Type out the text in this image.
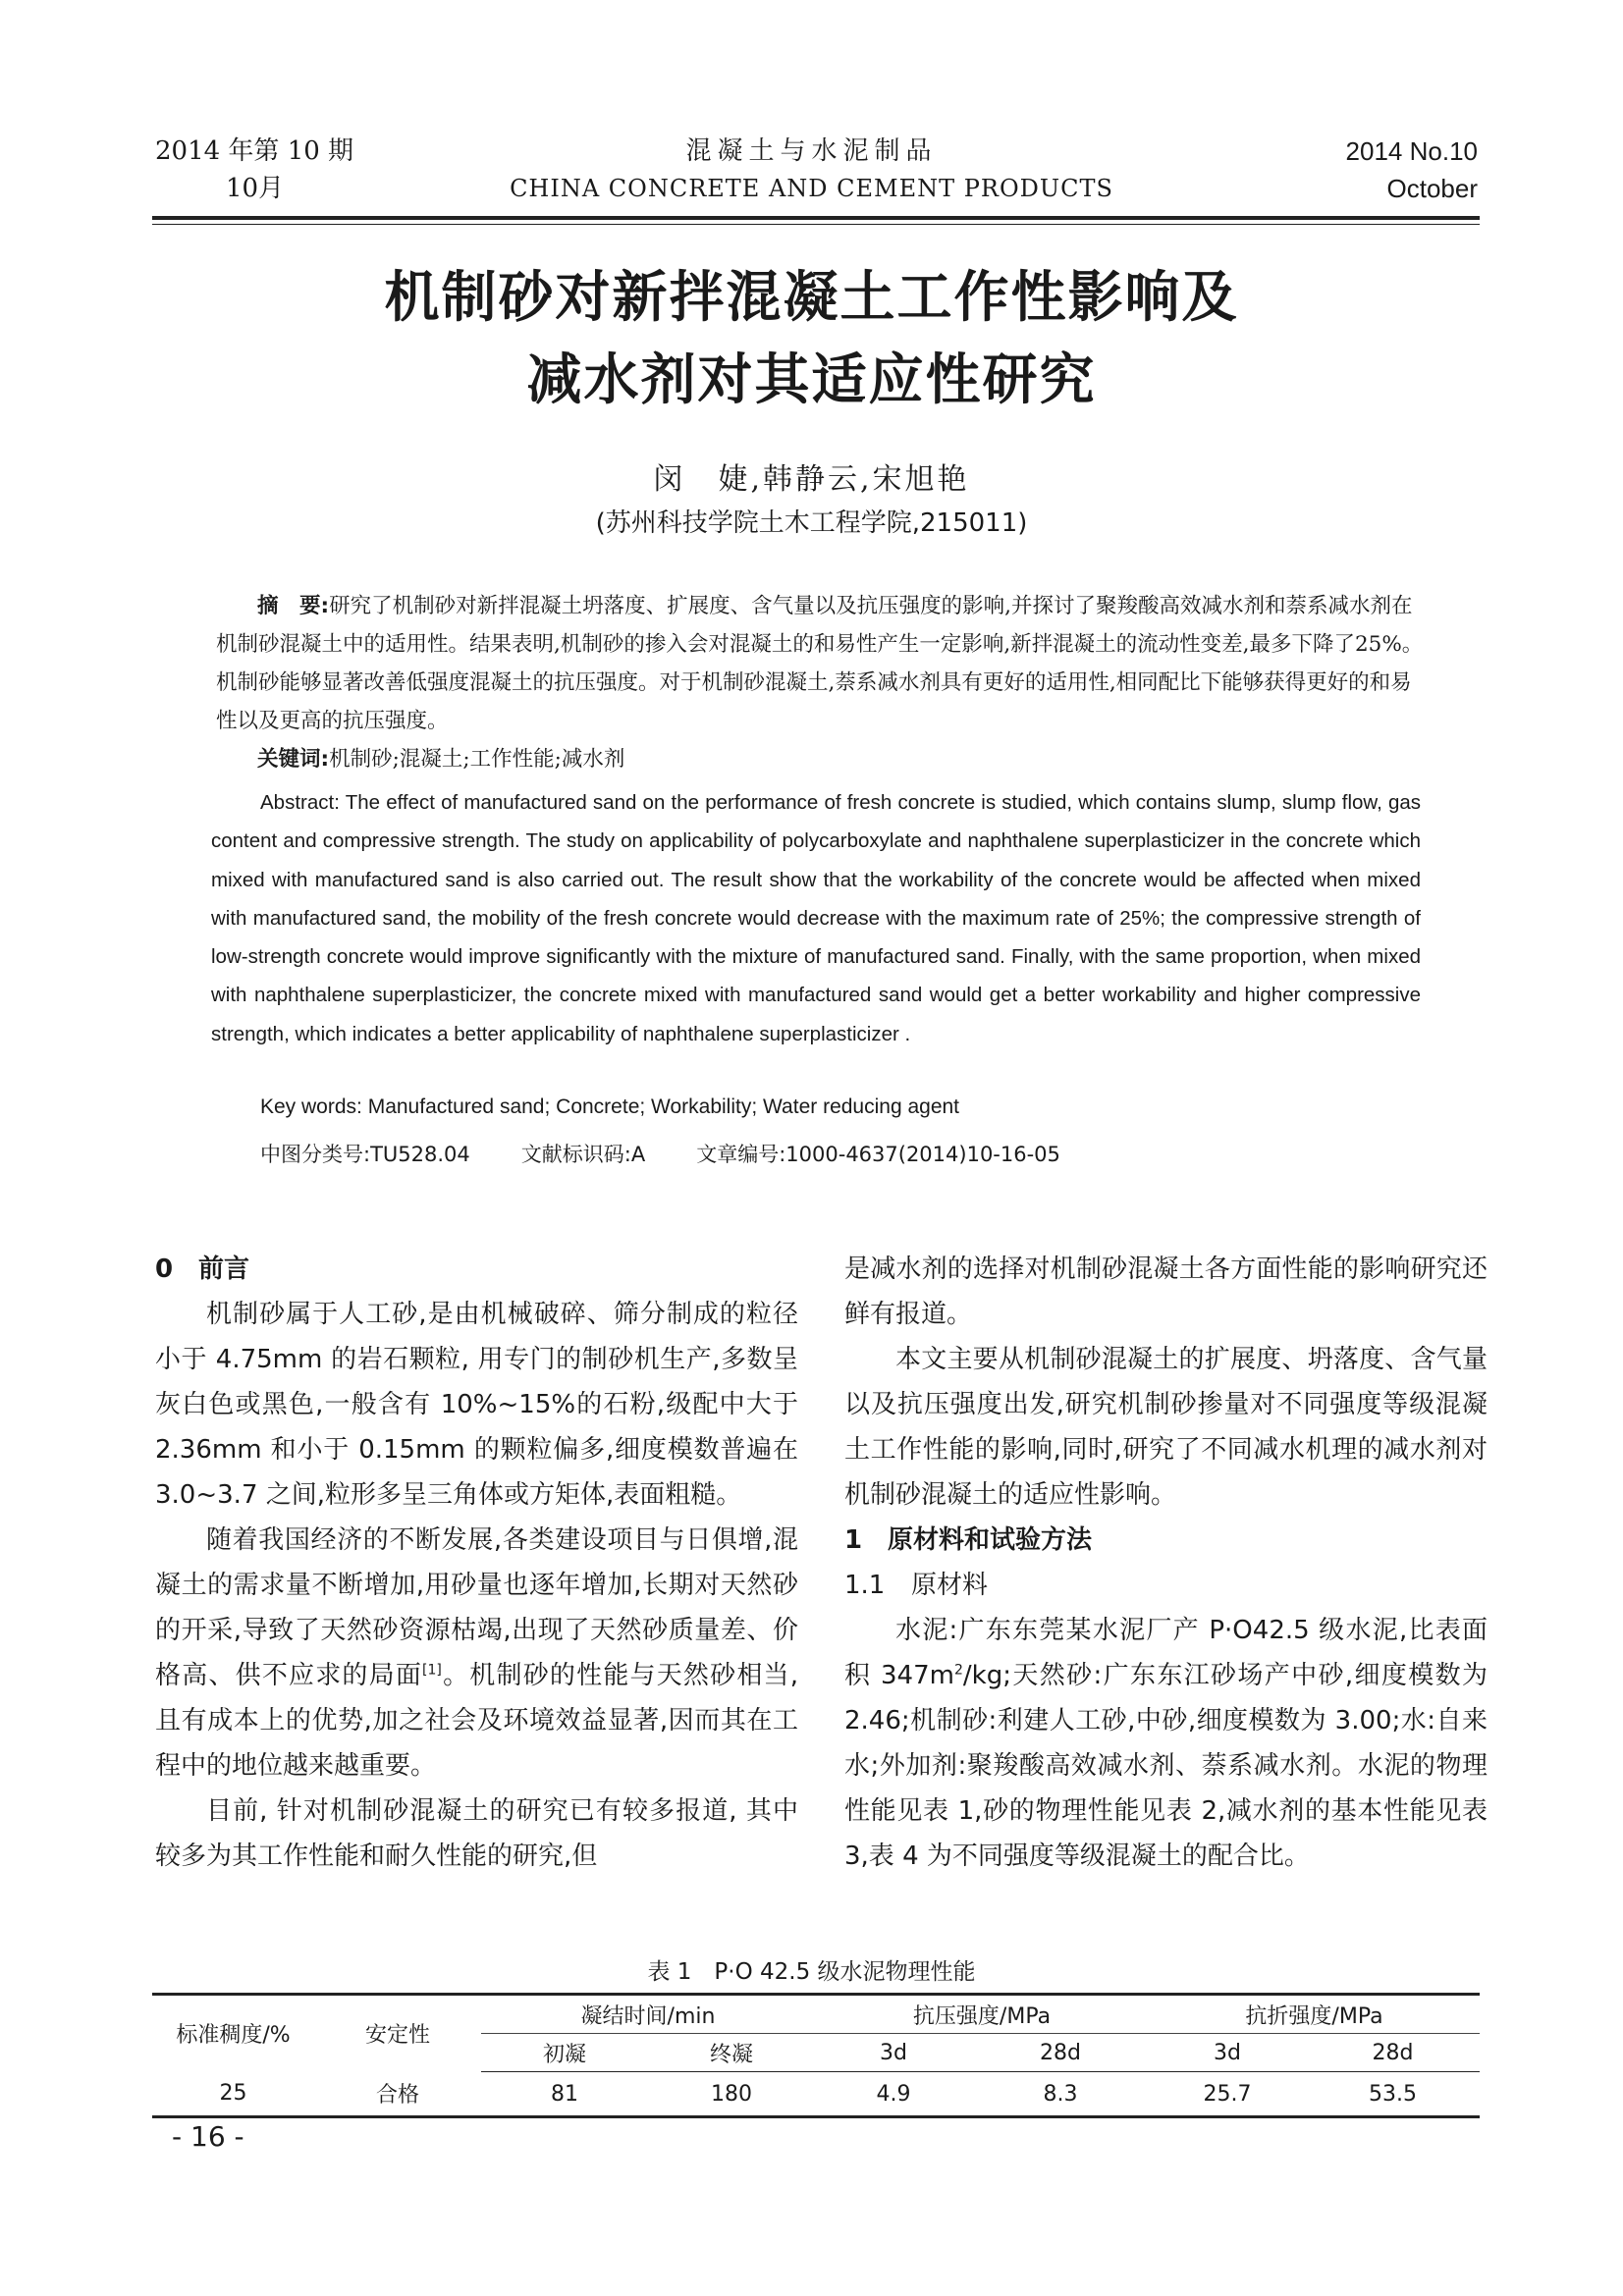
2014 年第 10 期
10月
混凝土与水泥制品
CHINA CONCRETE AND CEMENT PRODUCTS
2014 No.10
October
机制砂对新拌混凝土工作性影响及
减水剂对其适应性研究
闵　婕,韩静云,宋旭艳
(苏州科技学院土木工程学院,215011)
摘　要:研究了机制砂对新拌混凝土坍落度、扩展度、含气量以及抗压强度的影响,并探讨了聚羧酸高效减水剂和萘系减水剂在机制砂混凝土中的适用性。结果表明,机制砂的掺入会对混凝土的和易性产生一定影响,新拌混凝土的流动性变差,最多下降了25%。机制砂能够显著改善低强度混凝土的抗压强度。对于机制砂混凝土,萘系减水剂具有更好的适用性,相同配比下能够获得更好的和易性以及更高的抗压强度。
关键词:机制砂;混凝土;工作性能;减水剂
Abstract: The effect of manufactured sand on the performance of fresh concrete is studied, which contains slump, slump flow, gas content and compressive strength. The study on applicability of polycarboxylate and naphthalene superplasticizer in the concrete which mixed with manufactured sand is also carried out. The result show that the workability of the concrete would be affected when mixed with manufactured sand, the mobility of the fresh concrete would decrease with the maximum rate of 25%; the compressive strength of low-strength concrete would improve significantly with the mixture of manufactured sand. Finally, with the same proportion, when mixed with naphthalene superplasticizer, the concrete mixed with manufactured sand would get a better workability and higher compressive strength, which indicates a better applicability of naphthalene superplasticizer .
Key words: Manufactured sand; Concrete; Workability; Water reducing agent
中图分类号:TU528.04 文献标识码:A 文章编号:1000-4637(2014)10-16-05
0 前言

机制砂属于人工砂,是由机械破碎、筛分制成的粒径小于 4.75mm 的岩石颗粒, 用专门的制砂机生产,多数呈灰白色或黑色,一般含有 10%~15%的石粉,级配中大于 2.36mm 和小于 0.15mm 的颗粒偏多,细度模数普遍在 3.0~3.7 之间,粒形多呈三角体或方矩体,表面粗糙。

随着我国经济的不断发展,各类建设项目与日俱增,混凝土的需求量不断增加,用砂量也逐年增加,长期对天然砂的开采,导致了天然砂资源枯竭,出现了天然砂质量差、价格高、供不应求的局面[1]。机制砂的性能与天然砂相当, 且有成本上的优势,加之社会及环境效益显著,因而其在工程中的地位越来越重要。

目前, 针对机制砂混凝土的研究已有较多报道, 其中较多为其工作性能和耐久性能的研究,但

是减水剂的选择对机制砂混凝土各方面性能的影响研究还鲜有报道。

本文主要从机制砂混凝土的扩展度、坍落度、含气量以及抗压强度出发,研究机制砂掺量对不同强度等级混凝土工作性能的影响,同时,研究了不同减水机理的减水剂对机制砂混凝土的适应性影响。

1 原材料和试验方法
1.1 原材料

水泥:广东东莞某水泥厂产 P·O42.5 级水泥,比表面积 $347m^2/kg$;天然砂:广东东江砂场产中砂,细度模数为 2.46;机制砂:利建人工砂,中砂,细度模数为 3.00;水:自来水;外加剂:聚羧酸高效减水剂、萘系减水剂。水泥的物理性能见表 1,砂的物理性能见表 2,减水剂的基本性能见表 3,表 4 为不同强度等级混凝土的配合比。

表 1　P·O 42.5 级水泥物理性能
标准稠度/%	安定性	凝结时间/min		抗压强度/MPa		抗折强度/MPa	
		初凝	终凝	3d	28d	3d	28d
25	合格	81	180	4.9	8.3	25.7	53.5
- 16 -
